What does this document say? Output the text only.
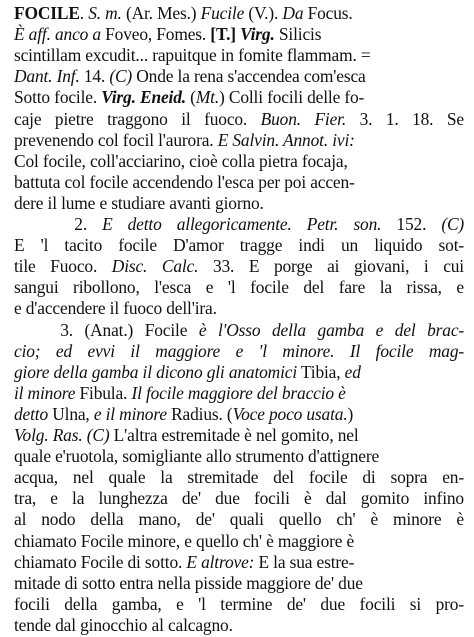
FOCILE. S. m. (Ar. Mes.) Fucile (V.). Da Focus.
È aff. anco a Foveo, Fomes. [T.] Virg. Silicis
scintillam excudit... rapuitque in fomite flammam. =
Dant. Inf. 14. (C) Onde la rena s'accendea com'esca
Sotto focile. Virg. Eneid. (Mt.) Colli focili delle fo-
caje pietre traggono il fuoco. Buon. Fier. 3. 1. 18. Se
prevenendo col focil l'aurora. E Salvin. Annot. ivi:
Col focile, coll'acciarino, cioè colla pietra focaja,
battuta col focile accendendo l'esca per poi accen-
dere il lume e studiare avanti giorno.
2. E detto allegoricamente. Petr. son. 152. (C)
E 'l tacito focile D'amor tragge indi un liquido sot-
tile Fuoco. Disc. Calc. 33. E porge ai giovani, i cui
sangui ribollono, l'esca e 'l focile del fare la rissa, e
e d'accendere il fuoco dell'ira.
3. (Anat.) Focile è l'Osso della gamba e del brac-
cio; ed evvi il maggiore e 'l minore. Il focile mag-
giore della gamba il dicono gli anatomici Tibia, ed
il minore Fibula. Il focile maggiore del braccio è
detto Ulna, e il minore Radius. (Voce poco usata.)
Volg. Ras. (C) L'altra estremitade è nel gomito, nel
quale e'ruotola, somigliante allo strumento d'attignere
acqua, nel quale la stremitade del focile di sopra en-
tra, e la lunghezza de' due focili è dal gomito infino
al nodo della mano, de' quali quello ch' è minore è
chiamato Focile minore, e quello ch' è maggiore è
chiamato Focile di sotto. E altrove: E la sua estre-
mitade di sotto entra nella pisside maggiore de' due
focili della gamba, e 'l termine de' due focili si pro-
tende dal ginocchio al calcagno.
